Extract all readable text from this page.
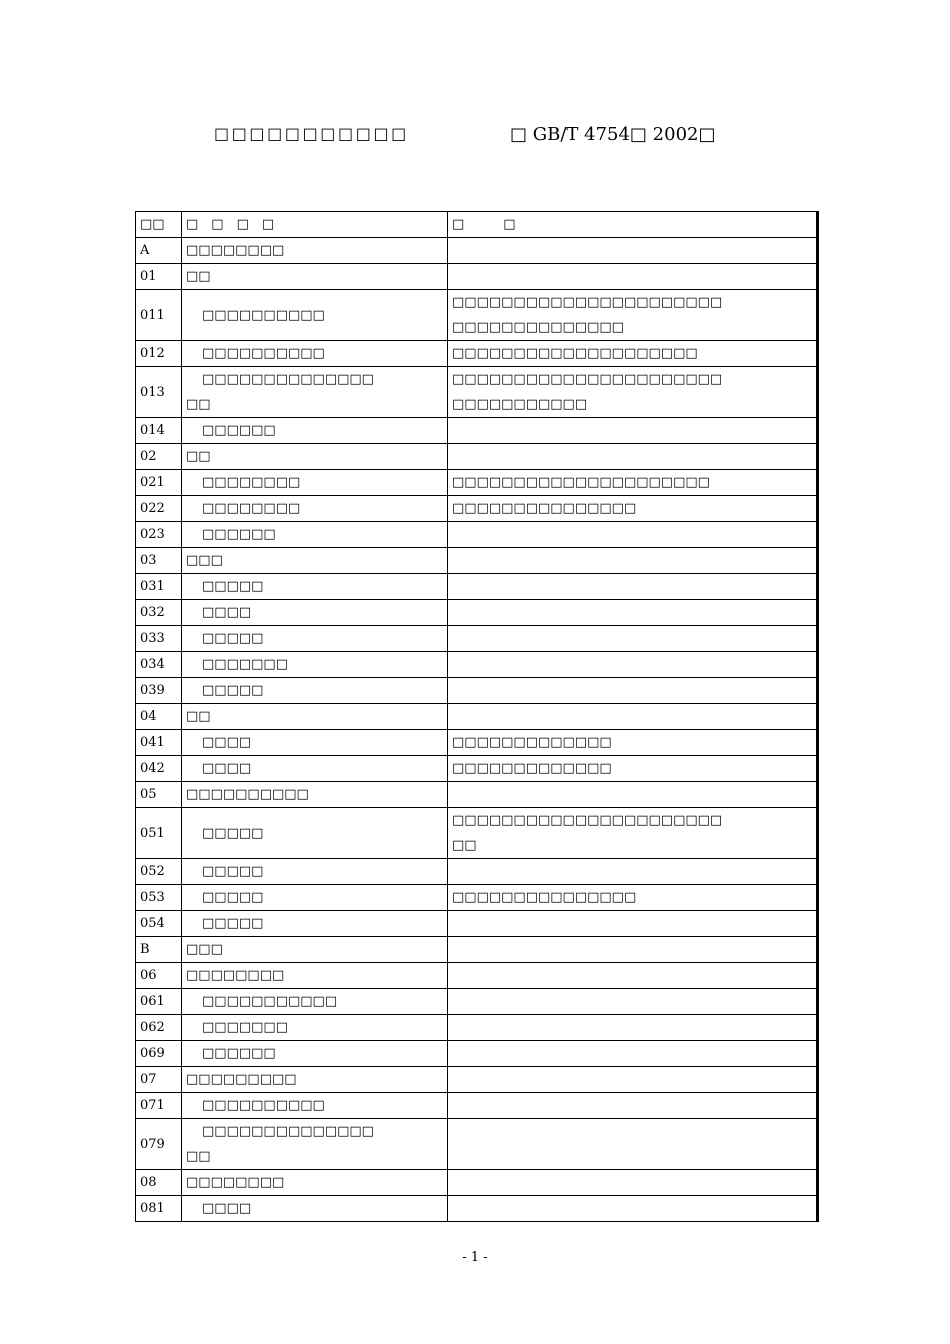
□□□□□□□□□□□	□ GB/T 4754□ 2002□
□□	□　□　□　□	□　　　□
A	□□□□□□□□	

01	□□	

011	□□□□□□□□□□	□□□□□□□□□□□□□□□□□□□□□□
□□□□□□□□□□□□□□

012	□□□□□□□□□□	□□□□□□□□□□□□□□□□□□□□

013	□□□□□□□□□□□□□□
□□	□□□□□□□□□□□□□□□□□□□□□□
□□□□□□□□□□□

014	□□□□□□	

02	□□	

021	□□□□□□□□	□□□□□□□□□□□□□□□□□□□□□

022	□□□□□□□□	□□□□□□□□□□□□□□□

023	□□□□□□	

03	□□□	

031	□□□□□	

032	□□□□	

033	□□□□□	

034	□□□□□□□	

039	□□□□□	

04	□□	

041	□□□□	□□□□□□□□□□□□□

042	□□□□	□□□□□□□□□□□□□

05	□□□□□□□□□□	

051	□□□□□	□□□□□□□□□□□□□□□□□□□□□□
□□

052	□□□□□	

053	□□□□□	□□□□□□□□□□□□□□□

054	□□□□□	

B	□□□	

06	□□□□□□□□	

061	□□□□□□□□□□□	

062	□□□□□□□	

069	□□□□□□	

07	□□□□□□□□□	

071	□□□□□□□□□□	

079	□□□□□□□□□□□□□□
□□	

08	□□□□□□□□	

081	□□□□	

- 1 -
